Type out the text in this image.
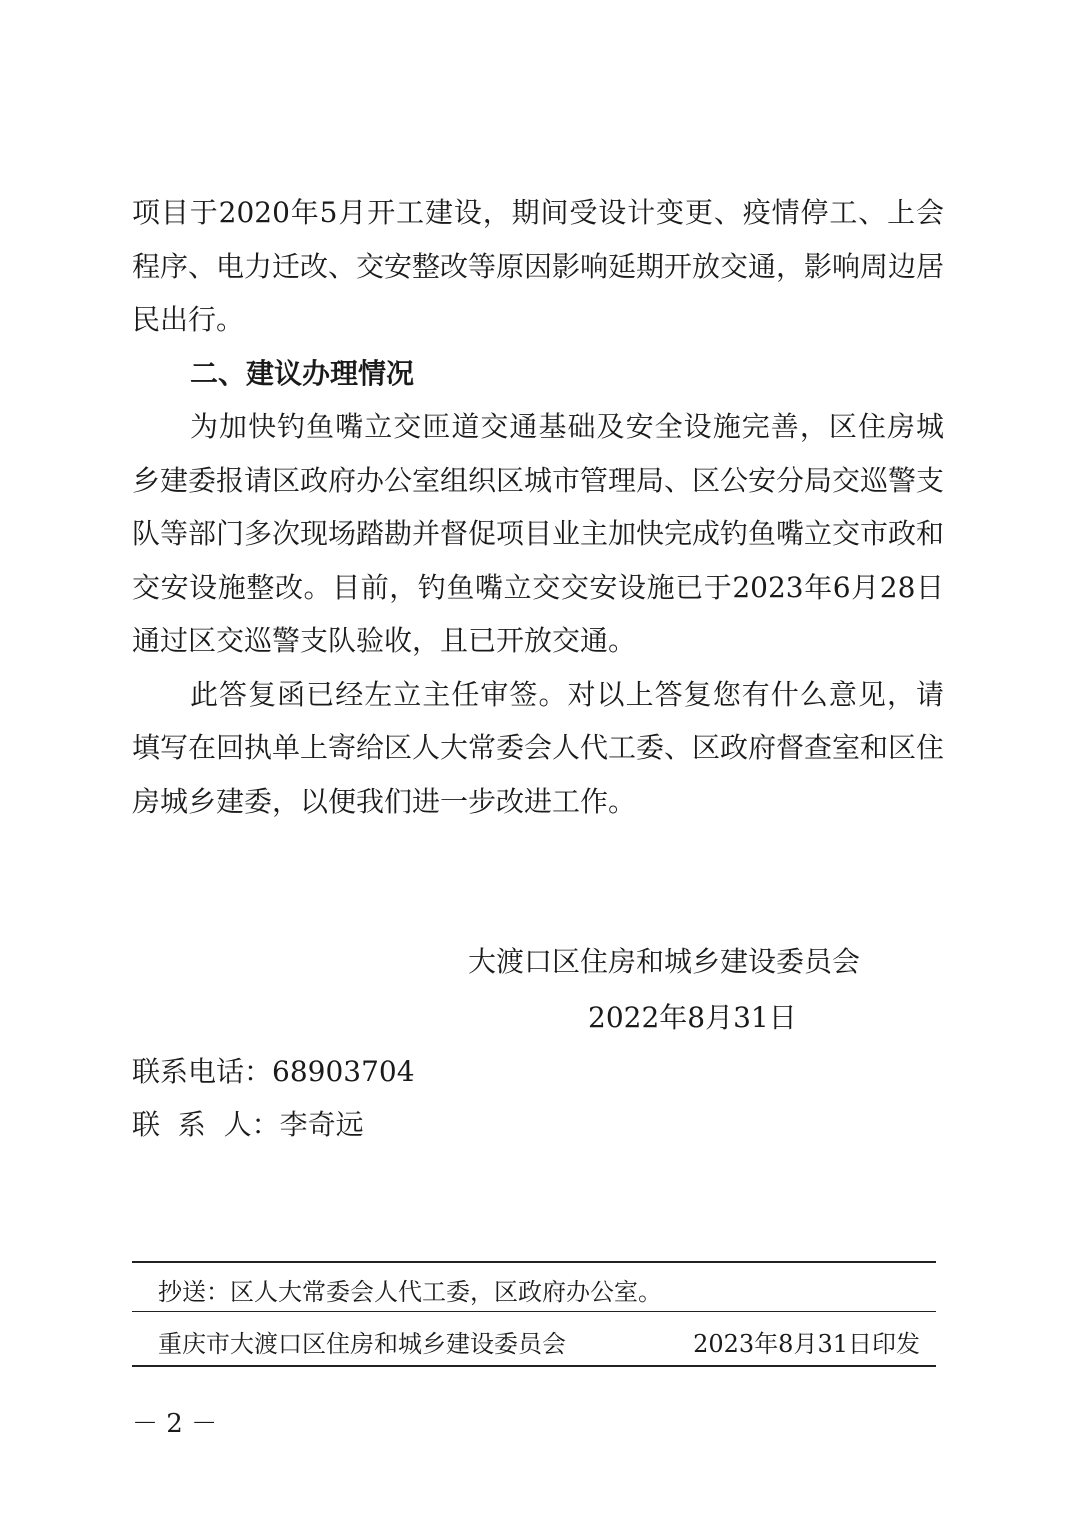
项目于2020年5月开工建设，期间受设计变更、疫情停工、上会程序、电力迁改、交安整改等原因影响延期开放交通，影响周边居民出行。

二、建议办理情况

为加快钓鱼嘴立交匝道交通基础及安全设施完善，区住房城乡建委报请区政府办公室组织区城市管理局、区公安分局交巡警支队等部门多次现场踏勘并督促项目业主加快完成钓鱼嘴立交市政和交安设施整改。目前，钓鱼嘴立交交安设施已于2023年6月28日通过区交巡警支队验收，且已开放交通。

此答复函已经左立主任审签。对以上答复您有什么意见，请填写在回执单上寄给区人大常委会人代工委、区政府督查室和区住房城乡建委，以便我们进一步改进工作。

大渡口区住房和城乡建设委员会
2022年8月31日
联系电话：68903704
联  系  人：李奇远
抄送：区人大常委会人代工委，区政府办公室。
重庆市大渡口区住房和城乡建设委员会	2023年8月31日印发
－ 2 －
